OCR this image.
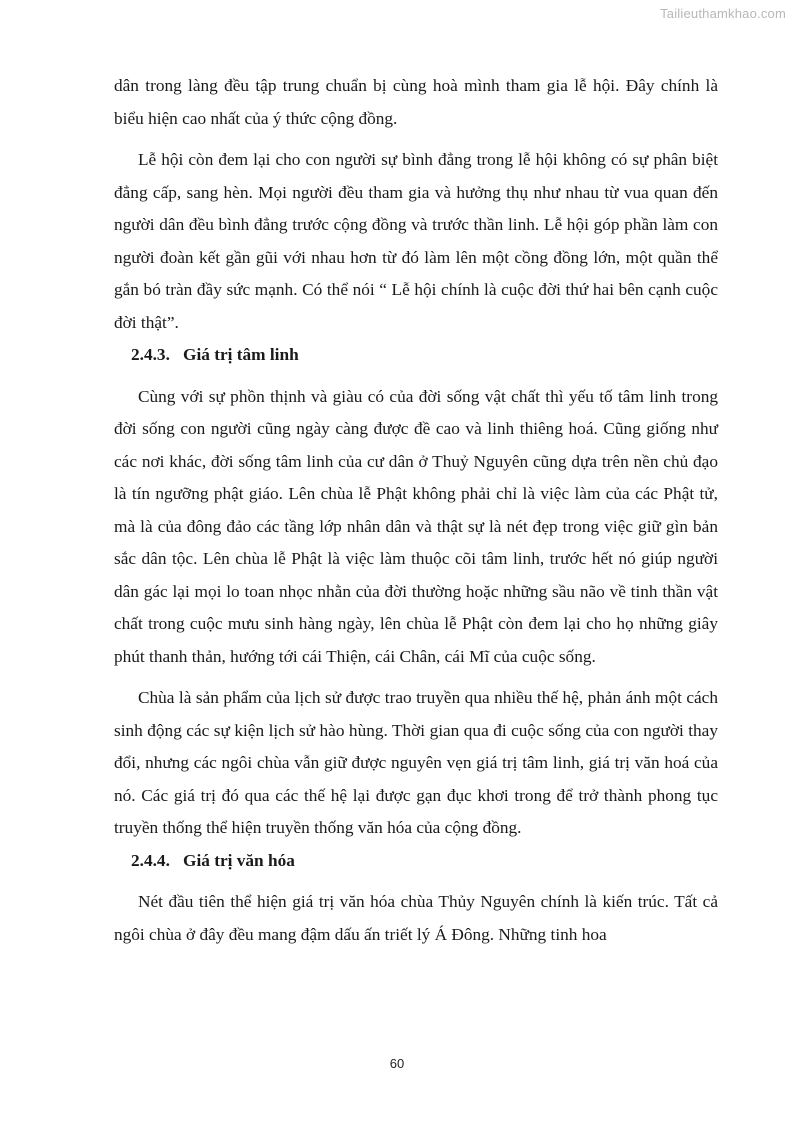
Tailieuthamkhao.com

dân trong làng đều tập trung chuẩn bị cùng hoà mình tham gia lễ hội. Đây chính là biểu hiện cao nhất của ý thức cộng đồng.

Lễ hội còn đem lại cho con người sự bình đẳng trong lễ hội không có sự phân biệt đẳng cấp, sang hèn. Mọi người đều tham gia và hưởng thụ như nhau từ vua quan đến người dân đều bình đẳng trước cộng đồng và trước thần linh. Lễ hội góp phần làm con người đoàn kết gần gũi với nhau hơn từ đó làm lên một cồng đồng lớn, một quần thể gắn bó tràn đầy sức mạnh. Có thể nói “ Lễ hội chính là cuộc đời thứ hai bên cạnh cuộc đời thật”.

2.4.3. Giá trị tâm linh

Cùng với sự phồn thịnh và giàu có của đời sống vật chất thì yếu tố tâm linh trong đời sống con người cũng ngày càng được đề cao và linh thiêng hoá. Cũng giống như các nơi khác, đời sống tâm linh của cư dân ở Thuỷ Nguyên cũng dựa trên nền chủ đạo là tín ngưỡng phật giáo. Lên chùa lễ Phật không phải chỉ là việc làm của các Phật tử, mà là của đông đảo các tầng lớp nhân dân và thật sự là nét đẹp trong việc giữ gìn bản sắc dân tộc. Lên chùa lễ Phật là việc làm thuộc cõi tâm linh, trước hết nó giúp người dân gác lại mọi lo toan nhọc nhằn của đời thường hoặc những sầu não về tinh thần vật chất trong cuộc mưu sinh hàng ngày, lên chùa lễ Phật còn đem lại cho họ những giây phút thanh thản, hướng tới cái Thiện, cái Chân, cái Mĩ của cuộc sống.

Chùa là sản phẩm của lịch sử được trao truyền qua nhiều thế hệ, phản ánh một cách sinh động các sự kiện lịch sử hào hùng. Thời gian qua đi cuộc sống của con người thay đổi, nhưng các ngôi chùa vẫn giữ được nguyên vẹn giá trị tâm linh, giá trị văn hoá của nó. Các giá trị đó qua các thế hệ lại được gạn đục khơi trong để trở thành phong tục truyền thống thể hiện truyền thống văn hóa của cộng đồng.

2.4.4. Giá trị văn hóa

Nét đầu tiên thể hiện giá trị văn hóa chùa Thủy Nguyên chính là kiến trúc. Tất cả ngôi chùa ở đây đều mang đậm dấu ấn triết lý Á Đông. Những tinh hoa

60
